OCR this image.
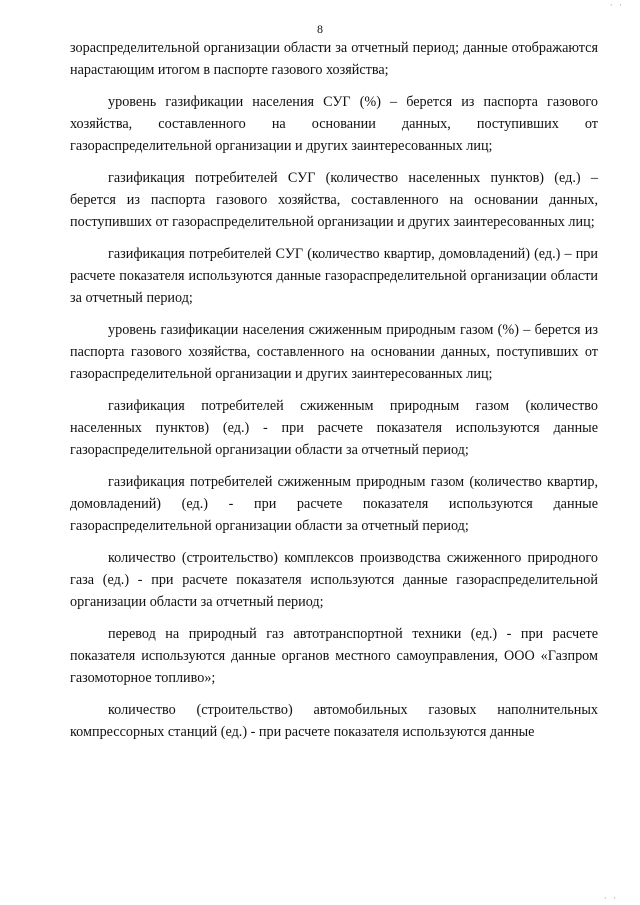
· ·
8

зораспределительной организации области за отчетный период; данные отображаются нарастающим итогом в паспорте газового хозяйства;

уровень газификации населения СУГ (%) – берется из паспорта газового хозяйства, составленного на основании данных, поступивших от газораспределительной организации и других заинтересованных лиц;

газификация потребителей СУГ (количество населенных пунктов) (ед.) – берется из паспорта газового хозяйства, составленного на основании данных, поступивших от газораспределительной организации и других заинтересованных лиц;

газификация потребителей СУГ (количество квартир, домовладений) (ед.) – при расчете показателя используются данные газораспределительной организации области за отчетный период;

уровень газификации населения сжиженным природным газом (%) – берется из паспорта газового хозяйства, составленного на основании данных, поступивших от газораспределительной организации и других заинтересованных лиц;

газификация потребителей сжиженным природным газом (количество населенных пунктов) (ед.) - при расчете показателя используются данные газораспределительной организации области за отчетный период;

газификация потребителей сжиженным природным газом (количество квартир, домовладений) (ед.) - при расчете показателя используются данные газораспределительной организации области за отчетный период;

количество (строительство) комплексов производства сжиженного природного газа (ед.) - при расчете показателя используются данные газораспределительной организации области за отчетный период;

перевод на природный газ автотранспортной техники (ед.) - при расчете показателя используются данные органов местного самоуправления, ООО «Газпром газомоторное топливо»;

количество (строительство) автомобильных газовых наполнительных компрессорных станций (ед.) - при расчете показателя используются данные

· ·
